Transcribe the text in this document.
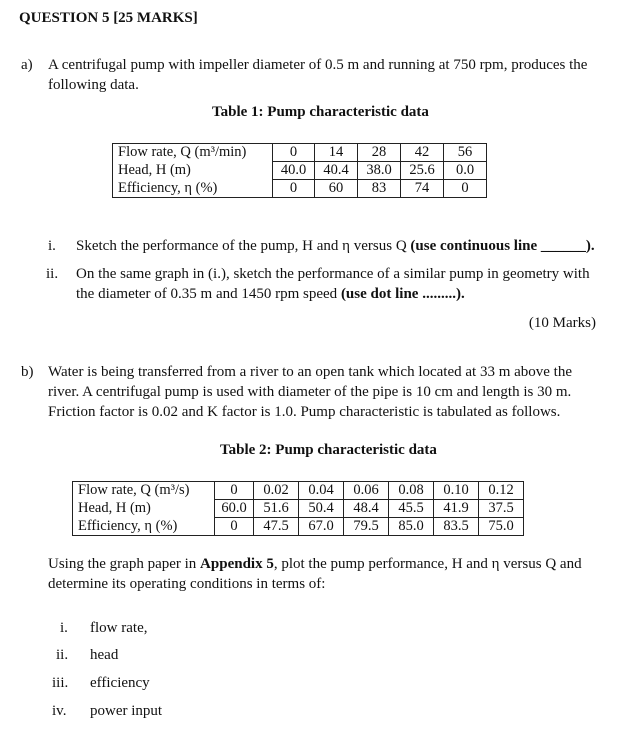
QUESTION 5 [25 MARKS]
a) A centrifugal pump with impeller diameter of 0.5 m and running at 750 rpm, produces the
following data.
Table 1: Pump characteristic data
Flow rate, Q (m³/min)	0	14	28	42	56
Head, H (m)	40.0	40.4	38.0	25.6	0.0
Efficiency, η (%)	0	60	83	74	0
i. Sketch the performance of the pump, H and η versus Q (use continuous line ______).
ii. On the same graph in (i.), sketch the performance of a similar pump in geometry with
the diameter of 0.35 m and 1450 rpm speed (use dot line .........).
(10 Marks)
b) Water is being transferred from a river to an open tank which located at 33 m above the
river. A centrifugal pump is used with diameter of the pipe is 10 cm and length is 30 m.
Friction factor is 0.02 and K factor is 1.0. Pump characteristic is tabulated as follows.
Table 2: Pump characteristic data
Flow rate, Q (m³/s)	0	0.02	0.04	0.06	0.08	0.10	0.12
Head, H (m)	60.0	51.6	50.4	48.4	45.5	41.9	37.5
Efficiency, η (%)	0	47.5	67.0	79.5	85.0	83.5	75.0
Using the graph paper in Appendix 5, plot the pump performance, H and η versus Q and
determine its operating conditions in terms of:
i. flow rate,
ii. head
iii. efficiency
iv. power input
